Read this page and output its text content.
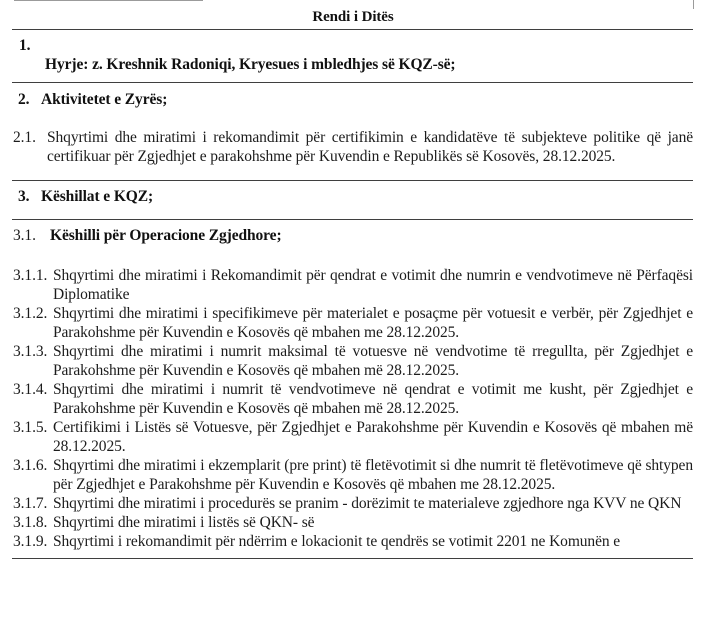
Rendi i Ditës
1.
Hyrje: z. Kreshnik Radoniqi, Kryesues i mbledhjes së KQZ-së;
2. Aktivitetet e Zyrës;
2.1. Shqyrtimi dhe miratimi i rekomandimit për certifikimin e kandidatëve të subjekteve politike që janë certifikuar për Zgjedhjet e parakohshme për Kuvendin e Republikës së Kosovës, 28.12.2025.
3. Këshillat e KQZ;
3.1. Këshilli për Operacione Zgjedhore;
3.1.1. Shqyrtimi dhe miratimi i Rekomandimit për qendrat e votimit dhe numrin e vendvotimeve në Përfaqësi Diplomatike
3.1.2. Shqyrtimi dhe miratimi i specifikimeve për materialet e posaçme për votuesit e verbër, për Zgjedhjet e Parakohshme për Kuvendin e Kosovës që mbahen me 28.12.2025.
3.1.3. Shqyrtimi dhe miratimi i numrit maksimal të votuesve në vendvotime të rregullta, për Zgjedhjet e Parakohshme për Kuvendin e Kosovës që mbahen më 28.12.2025.
3.1.4. Shqyrtimi dhe miratimi i numrit të vendvotimeve në qendrat e votimit me kusht, për Zgjedhjet e Parakohshme për Kuvendin e Kosovës që mbahen më 28.12.2025.
3.1.5. Certifikimi i Listës së Votuesve, për Zgjedhjet e Parakohshme për Kuvendin e Kosovës që mbahen më 28.12.2025.
3.1.6. Shqyrtimi dhe miratimi i ekzemplarit (pre print) të fletëvotimit si dhe numrit të fletëvotimeve që shtypen për Zgjedhjet e Parakohshme për Kuvendin e Kosovës që mbahen me 28.12.2025.
3.1.7. Shqyrtimi dhe miratimi i procedurës se pranim - dorëzimit te materialeve zgjedhore nga KVV ne QKN
3.1.8. Shqyrtimi dhe miratimi i listës së QKN- së
3.1.9. Shqyrtimi i rekomandimit për ndërrim e lokacionit te qendrës se votimit 2201 ne Komunën e
